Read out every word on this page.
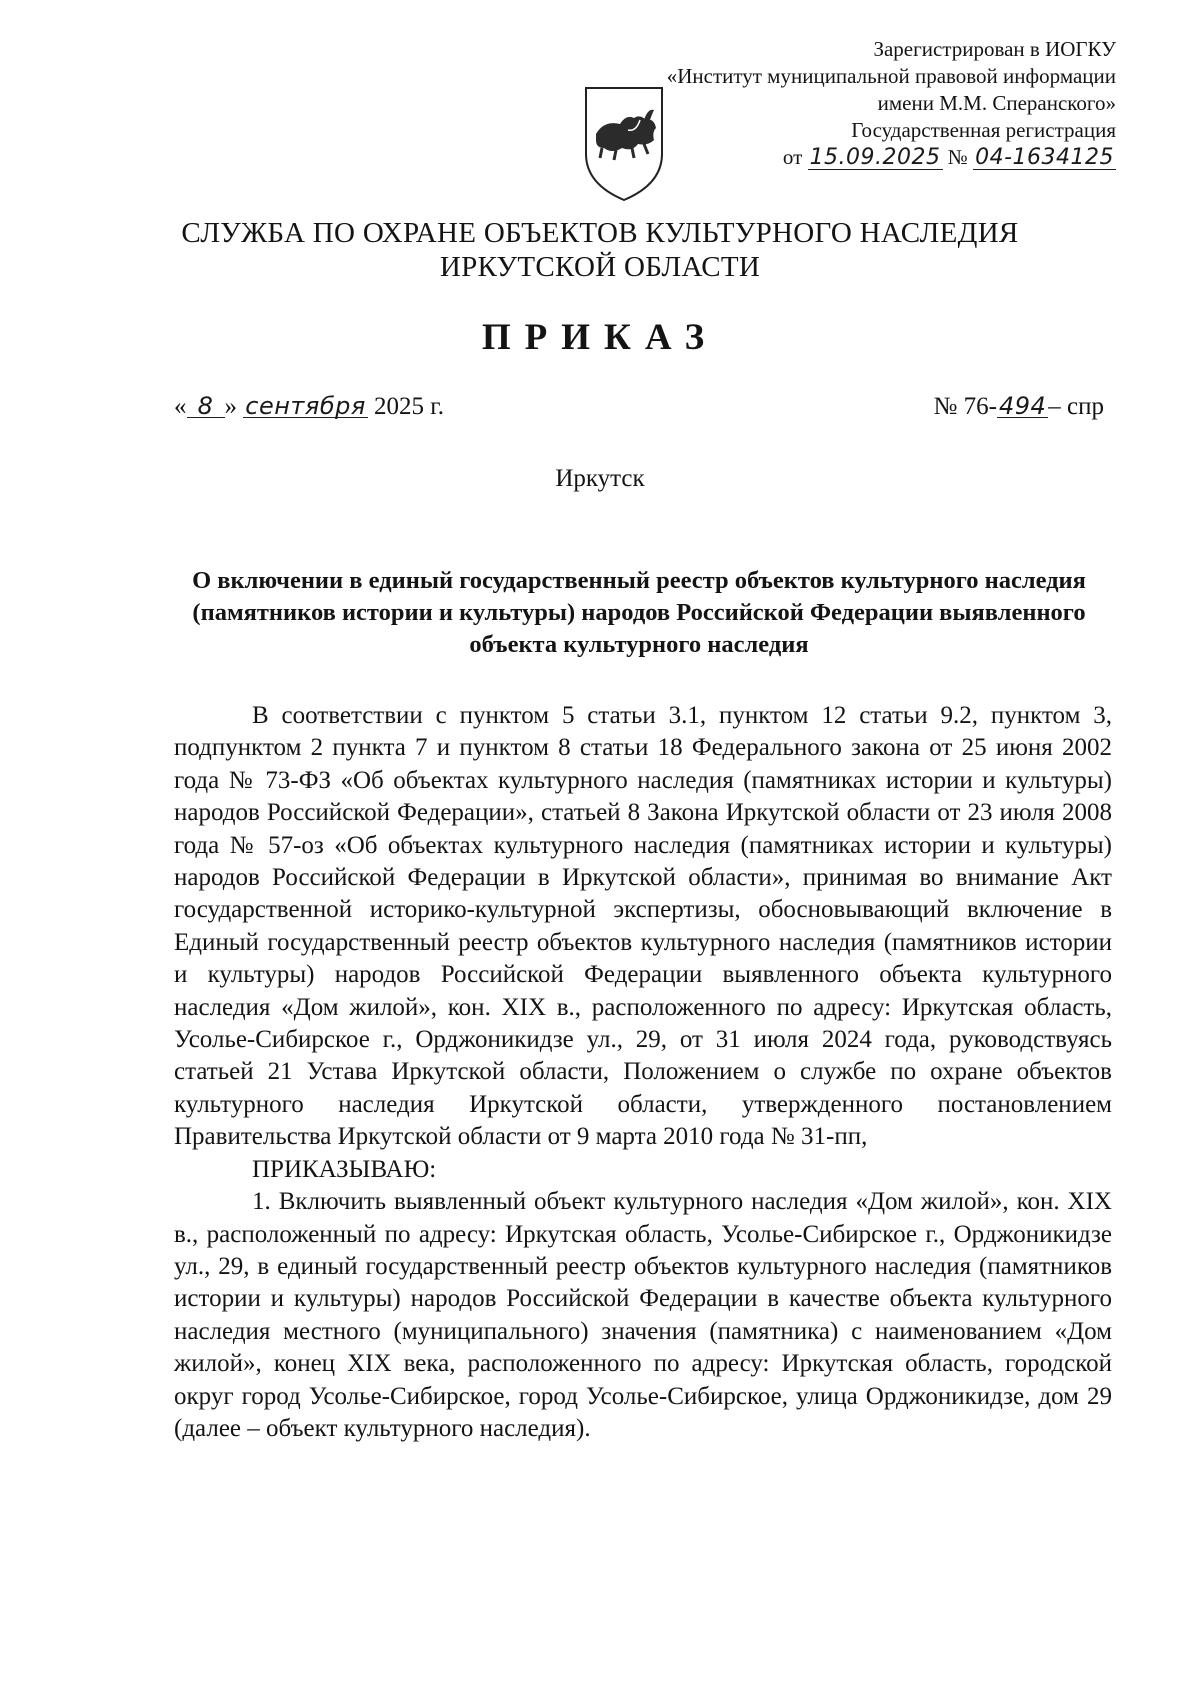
Зарегистрирован в ИОГКУ
«Институт муниципальной правовой информации
имени М.М. Сперанского»
Государственная регистрация
от 15.09.2025 № 04-1634125
СЛУЖБА ПО ОХРАНЕ ОБЪЕКТОВ КУЛЬТУРНОГО НАСЛЕДИЯ
ИРКУТСКОЙ ОБЛАСТИ
ПРИКАЗ
« 8 » сентября 2025 г.	№ 76-494– спр
Иркутск
О включении в единый государственный реестр объектов культурного наследия (памятников истории и культуры) народов Российской Федерации выявленного объекта культурного наследия

В соответствии с пунктом 5 статьи 3.1, пунктом 12 статьи 9.2, пунктом 3, подпунктом 2 пункта 7 и пунктом 8 статьи 18 Федерального закона от 25 июня 2002 года № 73-ФЗ «Об объектах культурного наследия (памятниках истории и культуры) народов Российской Федерации», статьей 8 Закона Иркутской области от 23 июля 2008 года № 57-оз «Об объектах культурного наследия (памятниках истории и культуры) народов Российской Федерации в Иркутской области», принимая во внимание Акт государственной историко-культурной экспертизы, обосновывающий включение в Единый государственный реестр объектов культурного наследия (памятников истории и культуры) народов Российской Федерации выявленного объекта культурного наследия «Дом жилой», кон. XIX в., расположенного по адресу: Иркутская область, Усолье-Сибирское г., Орджоникидзе ул., 29, от 31 июля 2024 года, руководствуясь статьей 21 Устава Иркутской области, Положением о службе по охране объектов культурного наследия Иркутской области, утвержденного постановлением Правительства Иркутской области от 9 марта 2010 года № 31-пп,

ПРИКАЗЫВАЮ:

1. Включить выявленный объект культурного наследия «Дом жилой», кон. XIX в., расположенный по адресу: Иркутская область, Усолье-Сибирское г., Орджоникидзе ул., 29, в единый государственный реестр объектов культурного наследия (памятников истории и культуры) народов Российской Федерации в качестве объекта культурного наследия местного (муниципального) значения (памятника) с наименованием «Дом жилой», конец XIX века, расположенного по адресу: Иркутская область, городской округ город Усолье-Сибирское, город Усолье-Сибирское, улица Орджоникидзе, дом 29 (далее – объект культурного наследия).
